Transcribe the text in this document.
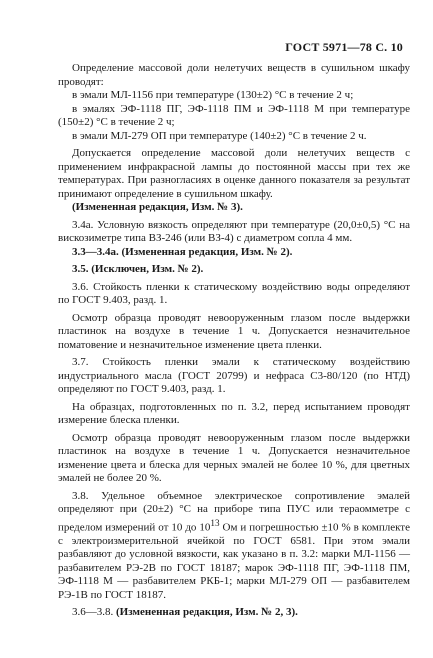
ГОСТ 5971—78 С. 10

Определение массовой доли нелетучих веществ в сушильном шкафу проводят:

в эмали МЛ-1156 при температуре (130±2) °С в течение 2 ч;

в эмалях ЭФ-1118 ПГ, ЭФ-1118 ПМ и ЭФ-1118 М при температуре (150±2) °С в течение 2 ч;

в эмали МЛ-279 ОП при температуре (140±2) °С в течение 2 ч.

Допускается определение массовой доли нелетучих веществ с применением инфракрасной лампы до постоянной массы при тех же температурах. При разногласиях в оценке данного показателя за результат принимают определение в сушильном шкафу.

(Измененная редакция, Изм. № 3).

3.4а. Условную вязкость определяют при температуре (20,0±0,5) °С на вискозиметре типа ВЗ-246 (или ВЗ-4) с диаметром сопла 4 мм.

3.3—3.4а. (Измененная редакция, Изм. № 2).

3.5. (Исключен, Изм. № 2).

3.6. Стойкость пленки к статическому воздействию воды определяют по ГОСТ 9.403, разд. 1.

Осмотр образца проводят невооруженным глазом после выдержки пластинок на воздухе в течение 1 ч. Допускается незначительное поматовение и незначительное изменение цвета пленки.

3.7. Стойкость пленки эмали к статическому воздействию индустриального масла (ГОСТ 20799) и нефраса С3-80/120 (по НТД) определяют по ГОСТ 9.403, разд. 1.

На образцах, подготовленных по п. 3.2, перед испытанием проводят измерение блеска пленки.

Осмотр образца проводят невооруженным глазом после выдержки пластинок на воздухе в течение 1 ч. Допускается незначительное изменение цвета и блеска для черных эмалей не более 10 %, для цветных эмалей не более 20 %.

3.8. Удельное объемное электрическое сопротивление эмалей определяют при (20±2) °С на приборе типа ПУС или тераомметре с пределом измерений от 10 до $10^{13}$ Ом и погрешностью ±10 % в комплекте с электроизмерительной ячейкой по ГОСТ 6581. При этом эмали разбавляют до условной вязкости, как указано в п. 3.2: марки МЛ-1156 — разбавителем РЭ-2В по ГОСТ 18187; марок ЭФ-1118 ПГ, ЭФ-1118 ПМ, ЭФ-1118 М — разбавителем РКБ-1; марки МЛ-279 ОП — разбавителем РЭ-1В по ГОСТ 18187.

3.6—3.8. (Измененная редакция, Изм. № 2, 3).
